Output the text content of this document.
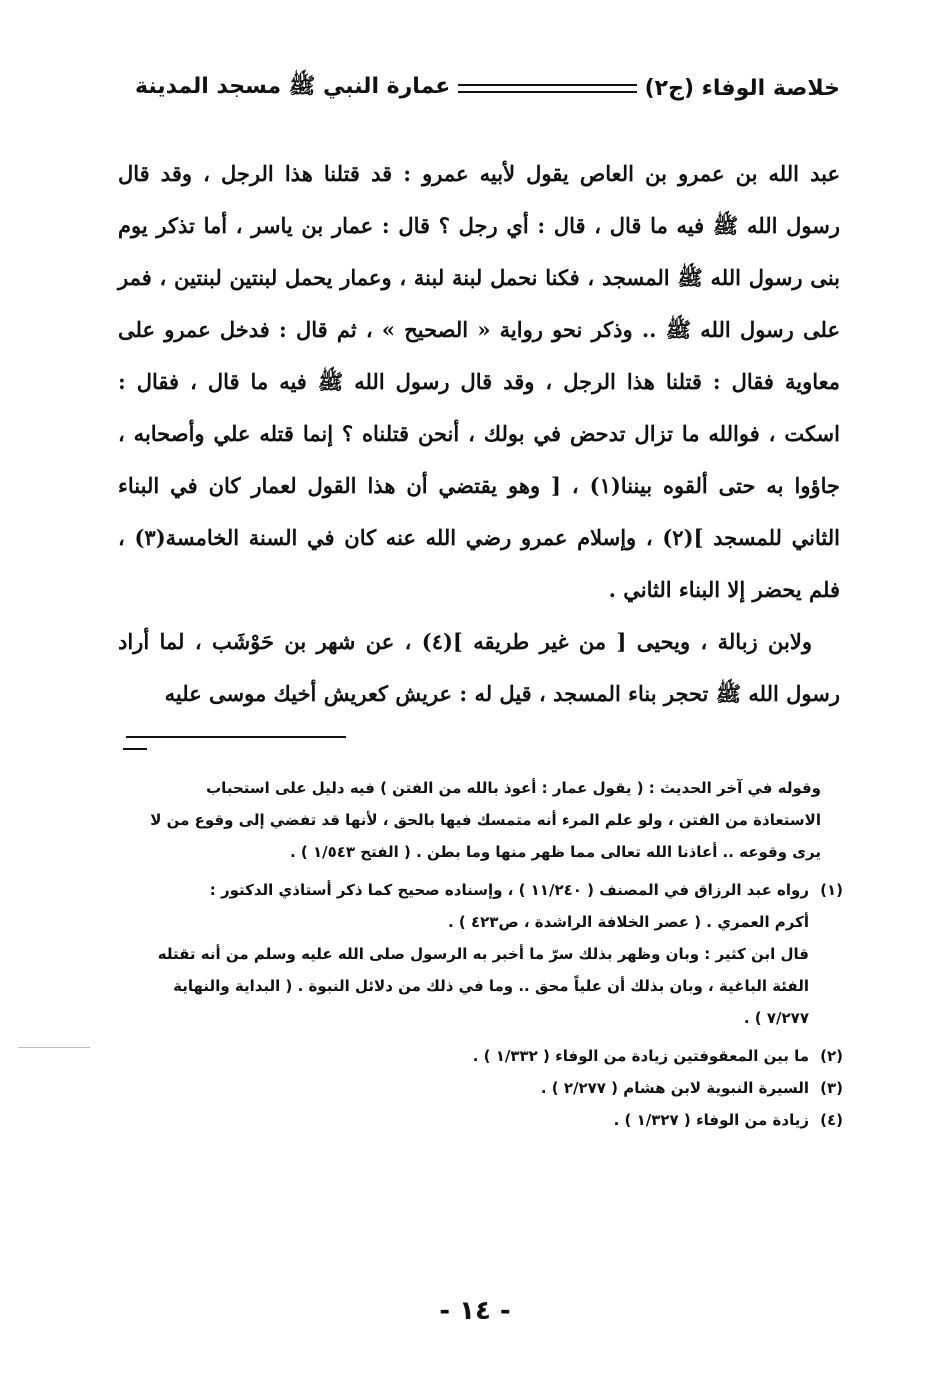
خلاصة الوفاء (ج٢)
عمارة النبي ﷺ مسجد المدينة

عبد الله بن عمرو بن العاص يقول لأبيه عمرو : قد قتلنا هذا الرجل ، وقد قال رسول الله ﷺ فيه ما قال ، قال : أي رجل ؟ قال : عمار بن ياسر ، أما تذكر يوم بنى رسول الله ﷺ المسجد ، فكنا نحمل لبنة لبنة ، وعمار يحمل لبنتين لبنتين ، فمر على رسول الله ﷺ .. وذكر نحو رواية « الصحيح » ، ثم قال : فدخل عمرو على معاوية فقال : قتلنا هذا الرجل ، وقد قال رسول الله ﷺ فيه ما قال ، فقال : اسكت ، فوالله ما تزال تدحض في بولك ، أنحن قتلناه ؟ إنما قتله علي وأصحابه ، جاؤوا به حتى ألقوه بيننا(١) ، [ وهو يقتضي أن هذا القول لعمار كان في البناء الثاني للمسجد ](٢) ، وإسلام عمرو رضي الله عنه كان في السنة الخامسة(٣) ، فلم يحضر إلا البناء الثاني .

ولابن زبالة ، ويحيى [ من غير طريقه ](٤) ، عن شهر بن حَوْشَب ، لما أراد رسول الله ﷺ تحجر بناء المسجد ، قيل له : عريش كعريش أخيك موسى عليه

وقوله في آخر الحديث : ( يقول عمار : أعوذ بالله من الفتن ) فيه دليل على استحباب

الاستعاذة من الفتن ، ولو علم المرء أنه متمسك فيها بالحق ، لأنها قد تفضي إلى وقوع من لا

يرى وقوعه .. أعاذنا الله تعالى مما ظهر منها وما بطن . ( الفتح ١/٥٤٣ ) .

(١)
رواه عبد الرزاق في المصنف ( ١١/٢٤٠ ) ، وإسناده صحيح كما ذكر أستاذي الدكتور :

أكرم العمري . ( عصر الخلافة الراشدة ، ص٤٢٣ ) .

قال ابن كثير : وبان وظهر بذلك سرّ ما أخبر به الرسول صلى الله عليه وسلم من أنه تقتله

الفئة الباغية ، وبان بذلك أن علياً محق .. وما في ذلك من دلائل النبوة . ( البداية والنهاية

٧/٢٧٧ ) .

(٢)
ما بين المعقوفتين زيادة من الوفاء ( ١/٣٣٢ ) .
(٣)
السيرة النبوية لابن هشام ( ٢/٢٧٧ ) .
(٤)
زيادة من الوفاء ( ١/٣٢٧ ) .
- ١٤ -
